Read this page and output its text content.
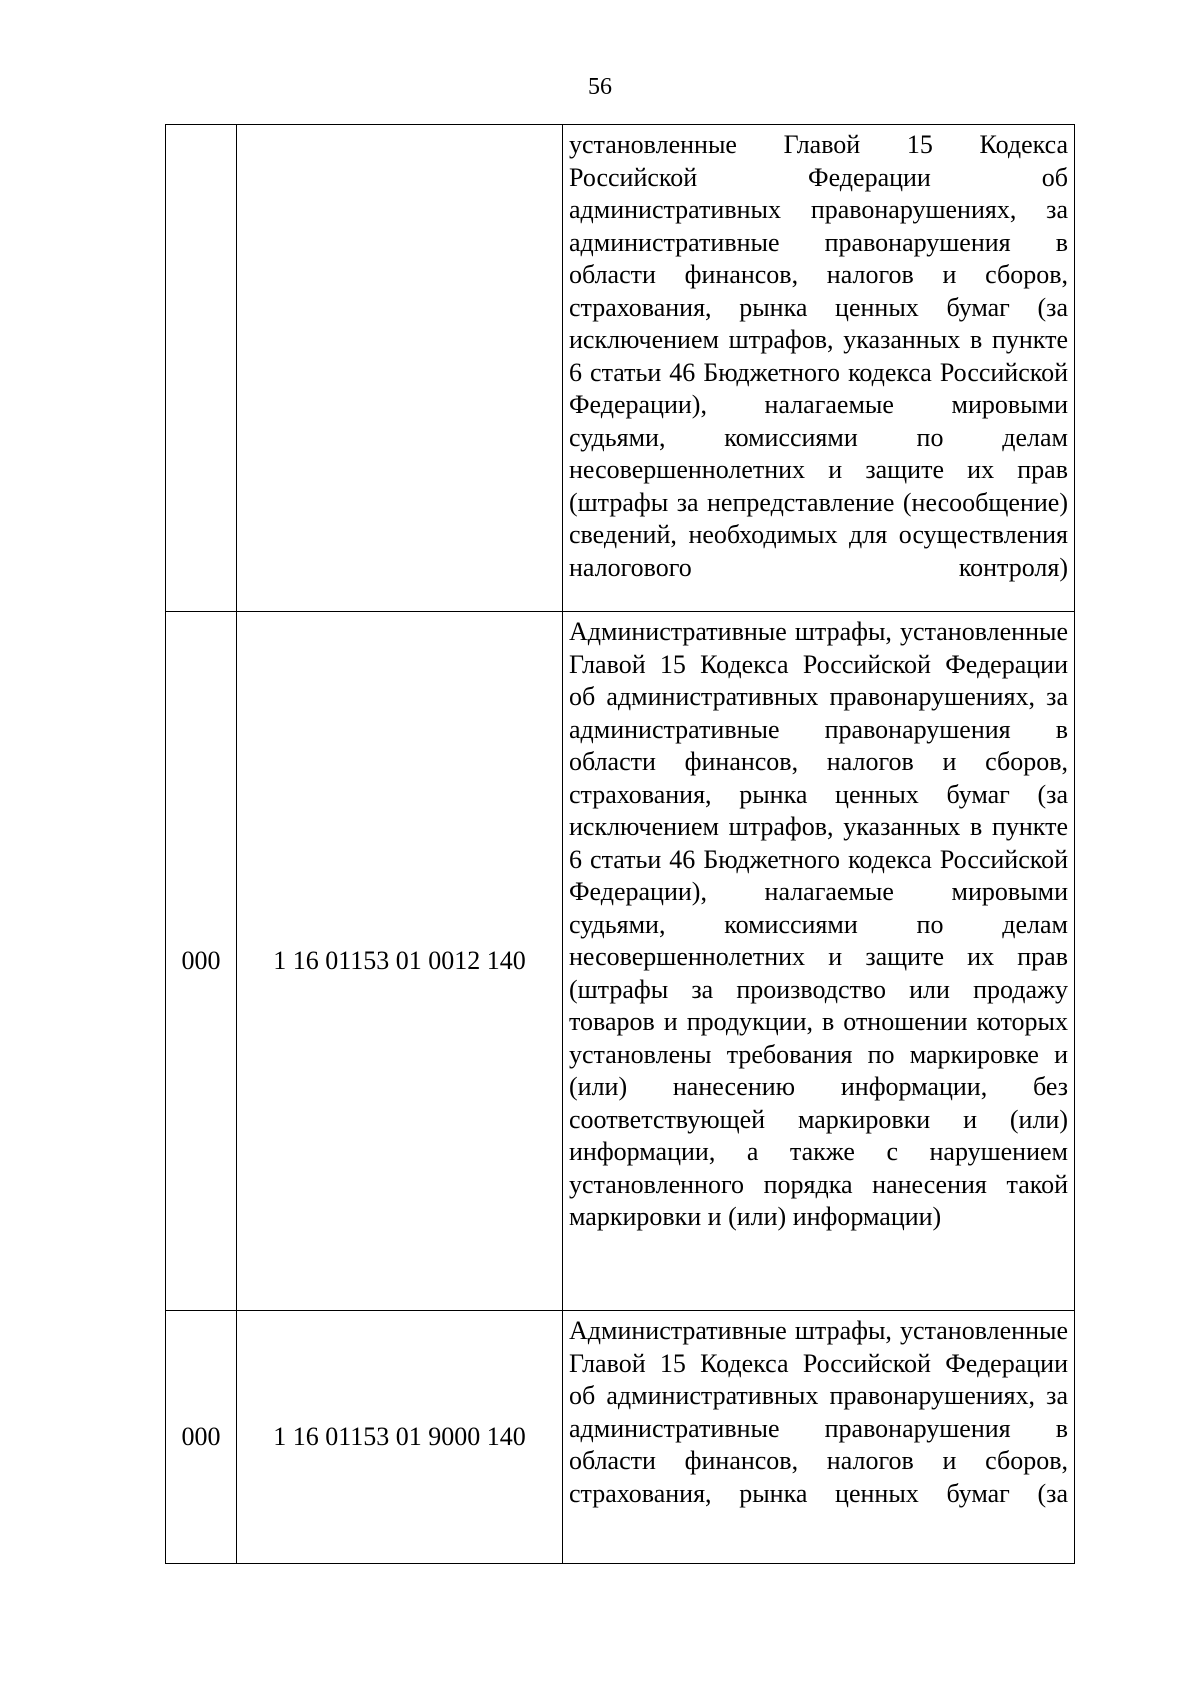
56

		установленные Главой 15 Кодекса Российской Федерации об административных правонарушениях, за административные правонарушения в области финансов, налогов и сборов, страхования, рынка ценных бумаг (за исключением штрафов, указанных в пункте 6 статьи 46 Бюджетного кодекса Российской Федерации), налагаемые мировыми судьями, комиссиями по делам несовершеннолетних и защите их прав (штрафы за непредставление (несообщение) сведений, необходимых для осуществления налогового контроля)

000	1 16 01153 01 0012 140	Административные штрафы, установленные Главой 15 Кодекса Российской Федерации об административных правонарушениях, за административные правонарушения в области финансов, налогов и сборов, страхования, рынка ценных бумаг (за исключением штрафов, указанных в пункте 6 статьи 46 Бюджетного кодекса Российской Федерации), налагаемые мировыми судьями, комиссиями по делам несовершеннолетних и защите их прав (штрафы за производство или продажу товаров и продукции, в отношении которых установлены требования по маркировке и (или) нанесению информации, без соответствующей маркировки и (или) информации, а также с нарушением установленного порядка нанесения такой маркировки и (или) информации)

000	1 16 01153 01 9000 140	Административные штрафы, установленные Главой 15 Кодекса Российской Федерации об административных правонарушениях, за административные правонарушения в области финансов, налогов и сборов, страхования, рынка ценных бумаг (за
